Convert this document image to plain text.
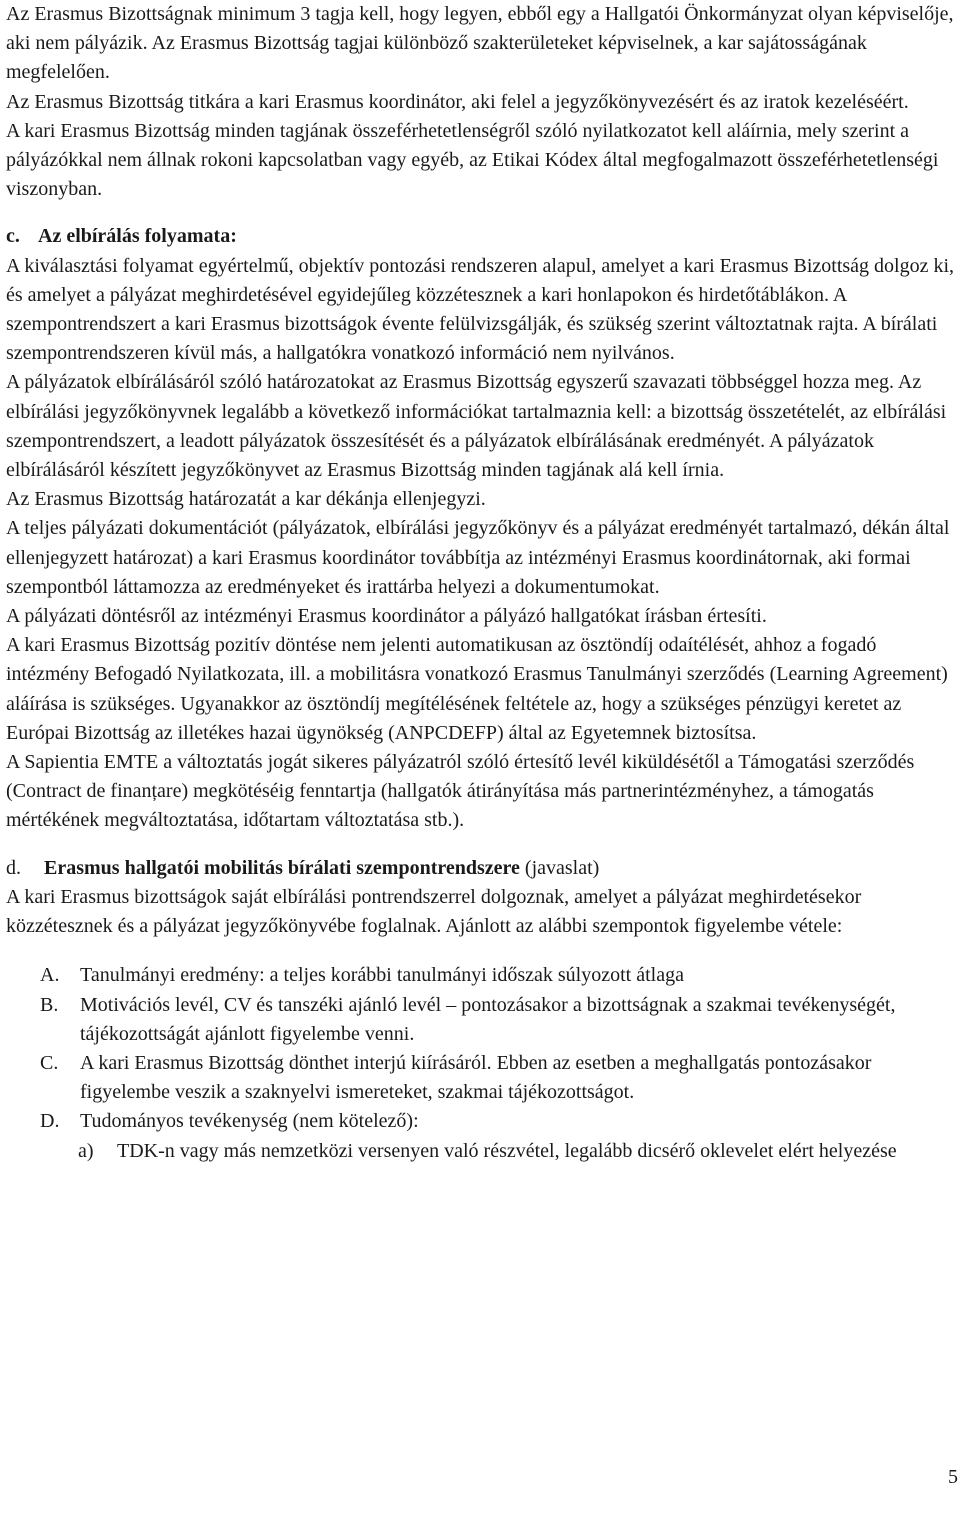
Az Erasmus Bizottságnak minimum 3 tagja kell, hogy legyen, ebből egy a Hallgatói Önkormányzat olyan képviselője, aki nem pályázik. Az Erasmus Bizottság tagjai különböző szakterületeket képviselnek, a kar sajátosságának megfelelően.

Az Erasmus Bizottság titkára a kari Erasmus koordinátor, aki felel a jegyzőkönyvezésért és az iratok kezeléséért.

A kari Erasmus Bizottság minden tagjának összeférhetetlenségről szóló nyilatkozatot kell aláírnia, mely szerint a pályázókkal nem állnak rokoni kapcsolatban vagy egyéb, az Etikai Kódex által megfogalmazott összeférhetetlenségi viszonyban.

c. Az elbírálás folyamata:

A kiválasztási folyamat egyértelmű, objektív pontozási rendszeren alapul, amelyet a kari Erasmus Bizottság dolgoz ki, és amelyet a pályázat meghirdetésével egyidejűleg közzétesznek a kari honlapokon és hirdetőtáblákon. A szempontrendszert a kari Erasmus bizottságok évente felülvizsgálják, és szükség szerint változtatnak rajta. A bírálati szempontrendszeren kívül más, a hallgatókra vonatkozó információ nem nyilvános.

A pályázatok elbírálásáról szóló határozatokat az Erasmus Bizottság egyszerű szavazati többséggel hozza meg. Az elbírálási jegyzőkönyvnek legalább a következő információkat tartalmaznia kell: a bizottság összetételét, az elbírálási szempontrendszert, a leadott pályázatok összesítését és a pályázatok elbírálásának eredményét. A pályázatok elbírálásáról készített jegyzőkönyvet az Erasmus Bizottság minden tagjának alá kell írnia.

Az Erasmus Bizottság határozatát a kar dékánja ellenjegyzi.

A teljes pályázati dokumentációt (pályázatok, elbírálási jegyzőkönyv és a pályázat eredményét tartalmazó, dékán által ellenjegyzett határozat) a kari Erasmus koordinátor továbbítja az intézményi Erasmus koordinátornak, aki formai szempontból láttamozza az eredményeket és irattárba helyezi a dokumentumokat.

A pályázati döntésről az intézményi Erasmus koordinátor a pályázó hallgatókat írásban értesíti.

A kari Erasmus Bizottság pozitív döntése nem jelenti automatikusan az ösztöndíj odaítélését, ahhoz a fogadó intézmény Befogadó Nyilatkozata, ill. a mobilitásra vonatkozó Erasmus Tanulmányi szerződés (Learning Agreement) aláírása is szükséges. Ugyanakkor az ösztöndíj megítélésének feltétele az, hogy a szükséges pénzügyi keretet az Európai Bizottság az illetékes hazai ügynökség (ANPCDEFP) által az Egyetemnek biztosítsa.

A Sapientia EMTE a változtatás jogát sikeres pályázatról szóló értesítő levél kiküldésétől a Támogatási szerződés (Contract de finanțare) megkötéséig fenntartja (hallgatók átirányítása más partnerintézményhez, a támogatás mértékének megváltoztatása, időtartam változtatása stb.).

d. Erasmus hallgatói mobilitás bírálati szempontrendszere (javaslat)

A kari Erasmus bizottságok saját elbírálási pontrendszerrel dolgoznak, amelyet a pályázat meghirdetésekor közzétesznek és a pályázat jegyzőkönyvébe foglalnak. Ajánlott az alábbi szempontok figyelembe vétele:

A. Tanulmányi eredmény: a teljes korábbi tanulmányi időszak súlyozott átlaga
B. Motivációs levél, CV és tanszéki ajánló levél – pontozásakor a bizottságnak a szakmai tevékenységét, tájékozottságát ajánlott figyelembe venni.
C. A kari Erasmus Bizottság dönthet interjú kiírásáról. Ebben az esetben a meghallgatás pontozásakor figyelembe veszik a szaknyelvi ismereteket, szakmai tájékozottságot.
D. Tudományos tevékenység (nem kötelező):
a) TDK-n vagy más nemzetközi versenyen való részvétel, legalább dicsérő oklevelet elért helyezése
5
